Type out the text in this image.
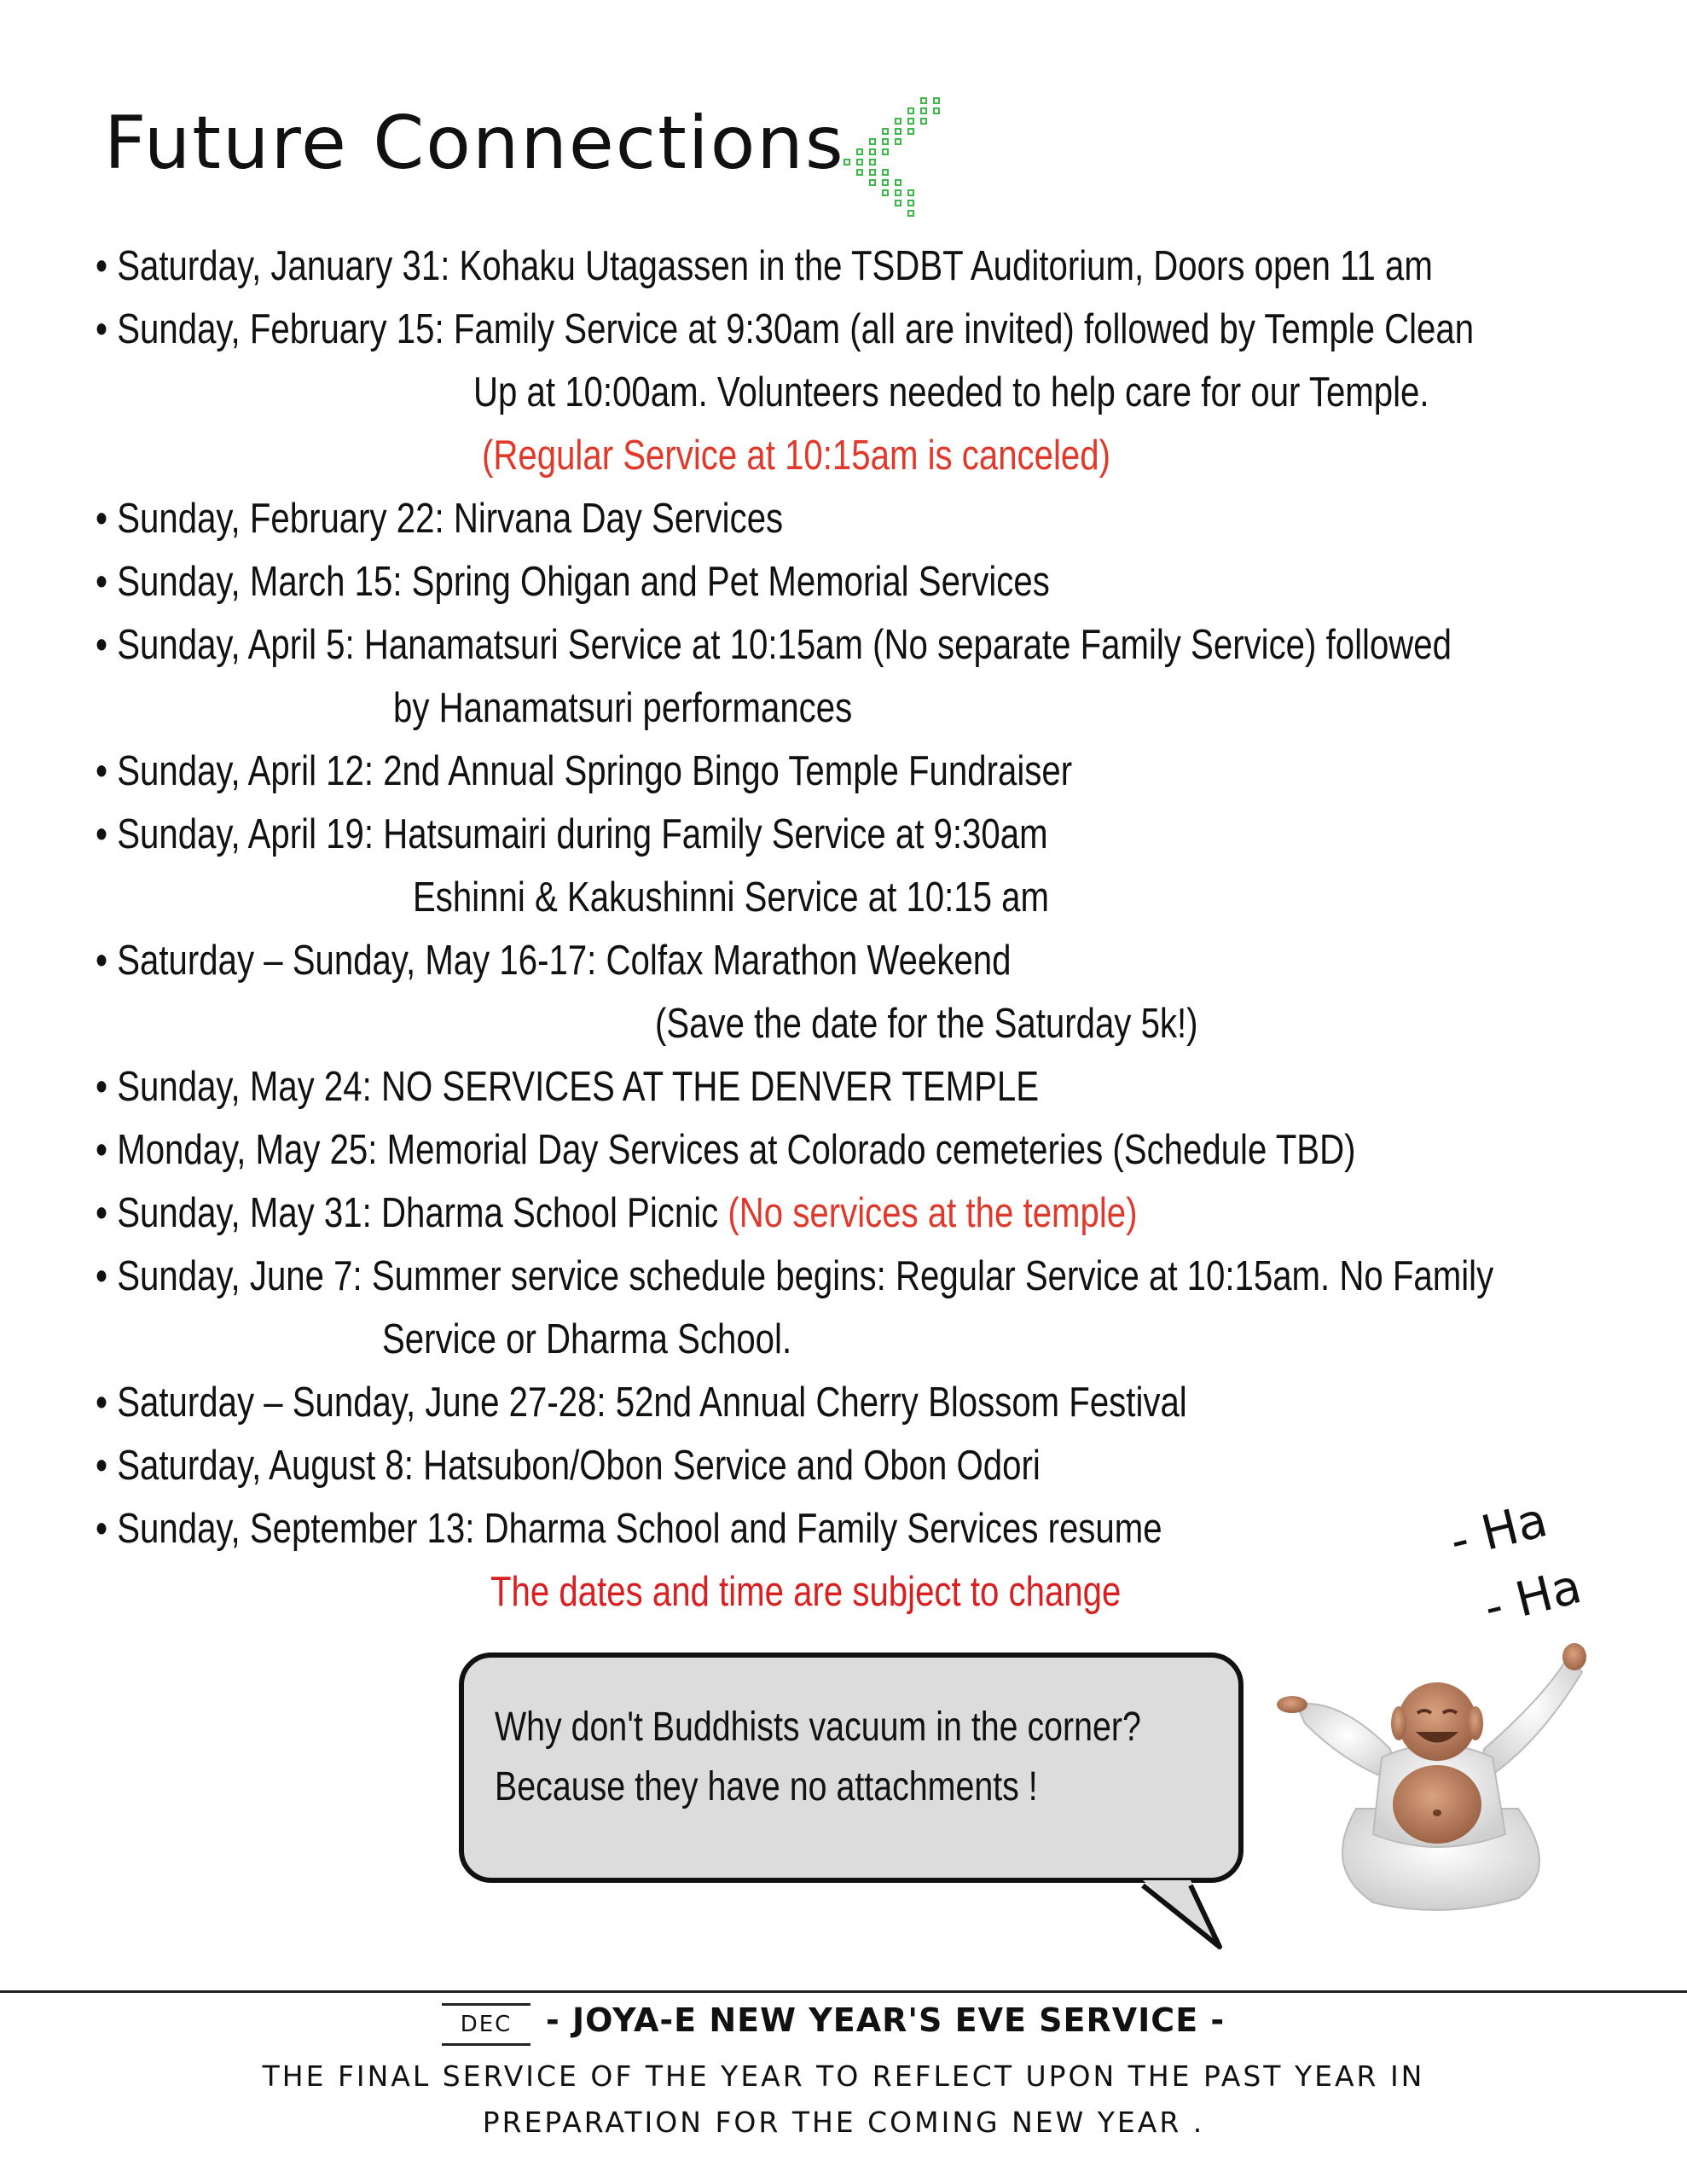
Future Connections
• Saturday, January 31: Kohaku Utagassen in the TSDBT Auditorium, Doors open 11 am
• Sunday, February 15: Family Service at 9:30am (all are invited) followed by Temple Clean
Up at 10:00am. Volunteers needed to help care for our Temple.
(Regular Service at 10:15am is canceled)
• Sunday, February 22: Nirvana Day Services
• Sunday, March 15: Spring Ohigan and Pet Memorial Services
• Sunday, April 5: Hanamatsuri Service at 10:15am (No separate Family Service) followed
by Hanamatsuri performances
• Sunday, April 12: 2nd Annual Springo Bingo Temple Fundraiser
• Sunday, April 19: Hatsumairi during Family Service at 9:30am
Eshinni & Kakushinni Service at 10:15 am
• Saturday – Sunday, May 16-17: Colfax Marathon Weekend
(Save the date for the Saturday 5k!)
• Sunday, May 24: NO SERVICES AT THE DENVER TEMPLE
• Monday, May 25: Memorial Day Services at Colorado cemeteries (Schedule TBD)
• Sunday, May 31: Dharma School Picnic (No services at the temple)
• Sunday, June 7: Summer service schedule begins: Regular Service at 10:15am. No Family
Service or Dharma School.
• Saturday – Sunday, June 27-28: 52nd Annual Cherry Blossom Festival
• Saturday, August 8: Hatsubon/Obon Service and Obon Odori
• Sunday, September 13: Dharma School and Family Services resume
The dates and time are subject to change
- Ha
- Ha
Why don't Buddhists vacuum in the corner?
Because they have no attachments !
DEC	- JOYA-E NEW YEAR'S EVE SERVICE -
THE FINAL SERVICE OF THE YEAR TO REFLECT UPON THE PAST YEAR IN
PREPARATION FOR THE COMING NEW YEAR .
